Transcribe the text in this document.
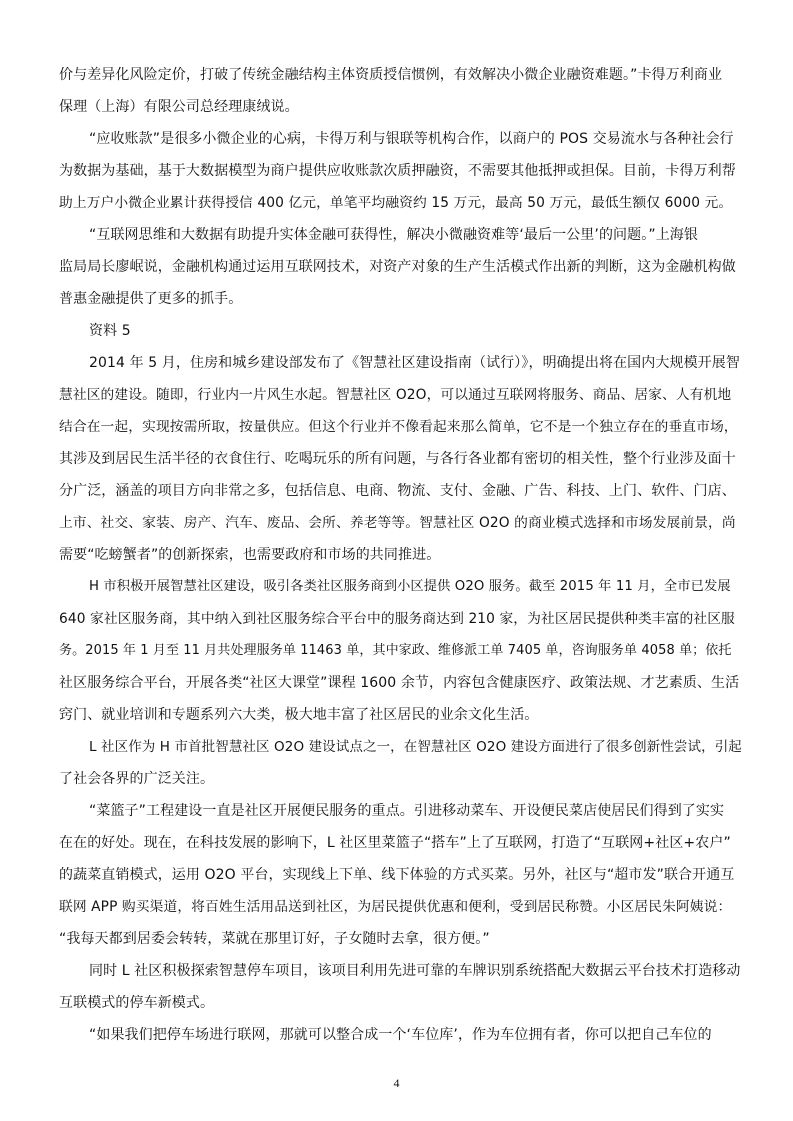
价与差异化风险定价，打破了传统金融结构主体资质授信惯例，有效解决小微企业融资难题。”卡得万利商业
保理（上海）有限公司总经理康绒说。
“应收账款”是很多小微企业的心病，卡得万利与银联等机构合作，以商户的 POS 交易流水与各种社会行
为数据为基础，基于大数据模型为商户提供应收账款次质押融资，不需要其他抵押或担保。目前，卡得万利帮
助上万户小微企业累计获得授信 400 亿元，单笔平均融资约 15 万元，最高 50 万元，最低生额仅 6000 元。
“互联网思维和大数据有助提升实体金融可获得性，解决小微融资难等‘最后一公里’的问题。”上海银
监局局长廖岷说，金融机构通过运用互联网技术，对资产对象的生产生活模式作出新的判断，这为金融机构做
普惠金融提供了更多的抓手。
资料 5
2014 年 5 月，住房和城乡建设部发布了《智慧社区建设指南（试行）》，明确提出将在国内大规模开展智
慧社区的建设。随即，行业内一片风生水起。智慧社区 O2O，可以通过互联网将服务、商品、居家、人有机地
结合在一起，实现按需所取，按量供应。但这个行业并不像看起来那么简单，它不是一个独立存在的垂直市场，
其涉及到居民生活半径的衣食住行、吃喝玩乐的所有问题，与各行各业都有密切的相关性，整个行业涉及面十
分广泛，涵盖的项目方向非常之多，包括信息、电商、物流、支付、金融、广告、科技、上门、软件、门店、
上市、社交、家装、房产、汽车、废品、会所、养老等等。智慧社区 O2O 的商业模式选择和市场发展前景，尚
需要“吃螃蟹者”的创新探索，也需要政府和市场的共同推进。
H 市积极开展智慧社区建设，吸引各类社区服务商到小区提供 O2O 服务。截至 2015 年 11 月，全市已发展
640 家社区服务商，其中纳入到社区服务综合平台中的服务商达到 210 家，为社区居民提供种类丰富的社区服
务。2015 年 1 月至 11 月共处理服务单 11463 单，其中家政、维修派工单 7405 单，咨询服务单 4058 单；依托
社区服务综合平台，开展各类“社区大课堂”课程 1600 余节，内容包含健康医疗、政策法规、才艺素质、生活
窍门、就业培训和专题系列六大类，极大地丰富了社区居民的业余文化生活。
L 社区作为 H 市首批智慧社区 O2O 建设试点之一，在智慧社区 O2O 建设方面进行了很多创新性尝试，引起
了社会各界的广泛关注。
“菜篮子”工程建设一直是社区开展便民服务的重点。引进移动菜车、开设便民菜店使居民们得到了实实
在在的好处。现在，在科技发展的影响下，L 社区里菜篮子“搭车”上了互联网，打造了“互联网+社区+农户”
的蔬菜直销模式，运用 O2O 平台，实现线上下单、线下体验的方式买菜。另外，社区与“超市发”联合开通互
联网 APP 购买渠道，将百姓生活用品送到社区，为居民提供优惠和便利，受到居民称赞。小区居民朱阿姨说：
“我每天都到居委会转转，菜就在那里订好，子女随时去拿，很方便。”
同时 L 社区积极探索智慧停车项目，该项目利用先进可靠的车牌识别系统搭配大数据云平台技术打造移动
互联模式的停车新模式。
“如果我们把停车场进行联网，那就可以整合成一个‘车位库’，作为车位拥有者，你可以把自己车位的
4
